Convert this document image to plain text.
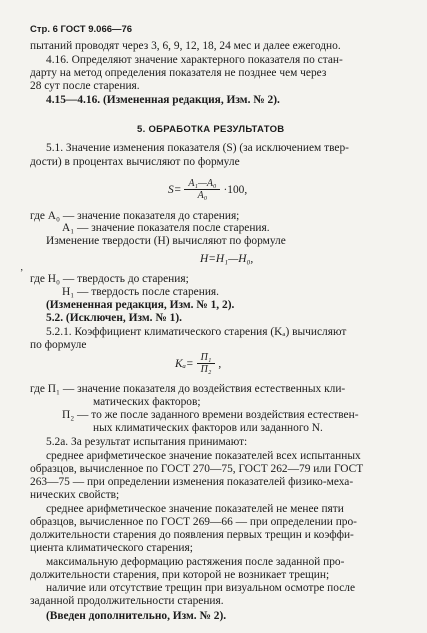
Стр. 6 ГОСТ 9.066—76
пытаний проводят через 3, 6, 9, 12, 18, 24 мес и далее ежегодно.
4.16. Определяют значение характерного показателя по стан-
дарту на метод определения показателя не позднее чем через
28 сут после старения.
4.15—4.16. (Измененная редакция, Изм. № 2).
5. ОБРАБОТКА РЕЗУЛЬТАТОВ
5.1. Значение изменения показателя (S) (за исключением твер-
дости) в процентах вычисляют по формуле
$S= \frac{\text{A₁—A₀}}{\text{A₀}} \cdot 100$,
где A₀ — значение показателя до старения;
A₁ — значение показателя после старения.
Изменение твердости (H) вычисляют по формуле
‚
H=H₁—H₀,
где H₀ — твердость до старения;
H₁ — твердость после старения.
(Измененная редакция, Изм. № 1, 2).
5.2. (Исключен, Изм. № 1).
5.2.1. Коэффициент климатического старения (Kₐ) вычисляют
по формуле
$K_a= \frac{\text{П₁}}{\text{П₂}}$ ,
где П₁ — значение показателя до воздействия естественных кли-
матических факторов;
П₂ — то же после заданного времени воздействия естествен-
ных климатических факторов или заданного N.
5.2а. За результат испытания принимают:
среднее арифметическое значение показателей всех испытанных
образцов, вычисленное по ГОСТ 270—75, ГОСТ 262—79 или ГОСТ
263—75 — при определении изменения показателей физико-меха-
нических свойств;
среднее арифметическое значение показателей не менее пяти
образцов, вычисленное по ГОСТ 269—66 — при определении про-
должительности старения до появления первых трещин и коэффи-
циента климатического старения;
максимальную деформацию растяжения после заданной про-
должительности старения, при которой не возникает трещин;
наличие или отсутствие трещин при визуальном осмотре после
заданной продолжительности старения.
(Введен дополнительно, Изм. № 2).
